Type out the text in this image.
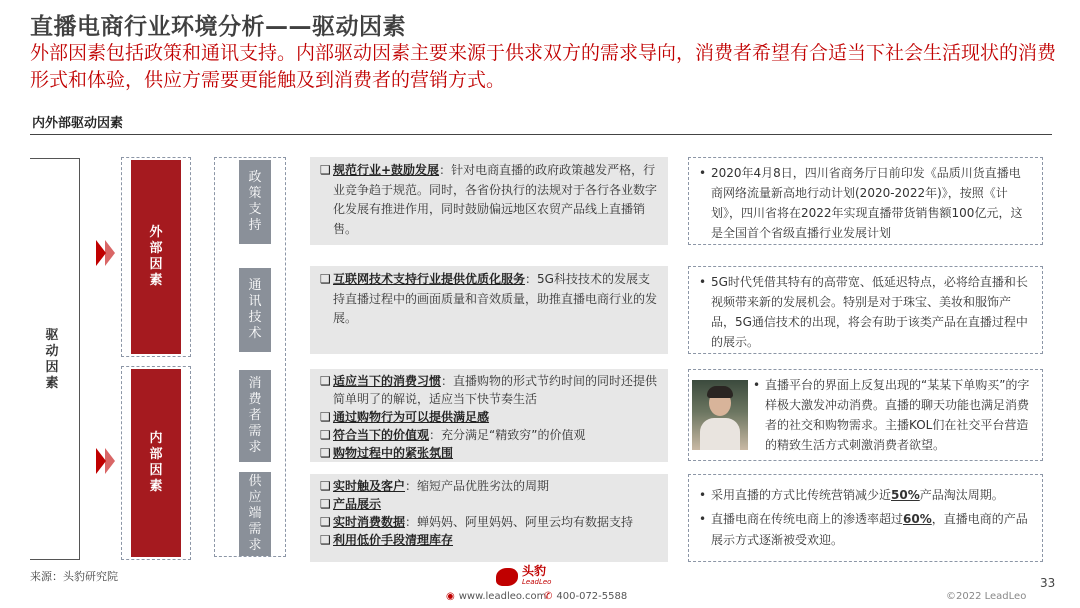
直播电商行业环境分析——驱动因素
外部因素包括政策和通讯支持。内部驱动因素主要来源于供求双方的需求导向，消费者希望有合适当下社会生活现状的消费形式和体验，供应方需要更能触及到消费者的营销方式。
内外部驱动因素
驱动因素
外部因素
内部因素
政策支持
通讯技术
消费者需求
供应端需求
❑ 规范行业+鼓励发展：针对电商直播的政府政策越发严格，行业竞争趋于规范。同时，各省份执行的法规对于各行各业数字化发展有推进作用，同时鼓励偏远地区农贸产品线上直播销售。
❑ 互联网技术支持行业提供优质化服务：5G科技技术的发展支持直播过程中的画面质量和音效质量，助推直播电商行业的发展。
❑ 适应当下的消费习惯：直播购物的形式节约时间的同时还提供简单明了的解说，适应当下快节奏生活
❑ 通过购物行为可以提供满足感
❑ 符合当下的价值观：充分满足“精致穷”的价值观
❑ 购物过程中的紧张氛围
❑ 实时触及客户：缩短产品优胜劣汰的周期
❑ 产品展示
❑ 实时消费数据：蝉妈妈、阿里妈妈、阿里云均有数据支持
❑ 利用低价手段清理库存
• 2020年4月8日，四川省商务厅日前印发《品质川货直播电商网络流量新高地行动计划(2020-2022年)》，按照《计划》，四川省将在2022年实现直播带货销售额100亿元，这是全国首个省级直播行业发展计划
• 5G时代凭借其特有的高带宽、低延迟特点，必将给直播和长视频带来新的发展机会。特别是对于珠宝、美妆和服饰产品，5G通信技术的出现，将会有助于该类产品在直播过程中的展示。
• 直播平台的界面上反复出现的“某某下单购买”的字样极大激发冲动消费。直播的聊天功能也满足消费者的社交和购物需求。主播KOL们在社交平台营造的精致生活方式刺激消费者欲望。
• 采用直播的方式比传统营销减少近50%产品淘汰周期。
• 直播电商在传统电商上的渗透率超过60%，直播电商的产品展示方式逐渐被受欢迎。
来源：头豹研究院	头豹
LeadLeo
◉ www.leadleo.com
✆ 400-072-5588	©2022 LeadLeo
33
